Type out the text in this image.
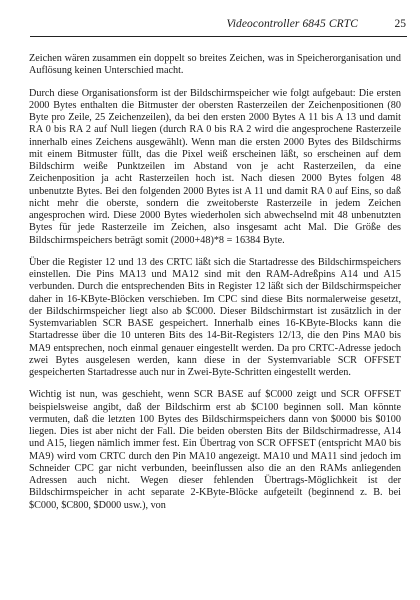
Videocontroller 6845 CRTC	25

Zeichen wären zusammen ein doppelt so breites Zeichen, was in Speicherorganisation und Auflösung keinen Unterschied macht.

Durch diese Organisationsform ist der Bildschirmspeicher wie folgt aufgebaut: Die ersten 2000 Bytes enthalten die Bitmuster der obersten Rasterzeilen der Zeichenpositionen (80 Byte pro Zeile, 25 Zeichenzeilen), da bei den ersten 2000 Bytes A 11 bis A 13 und damit RA 0 bis RA 2 auf Null liegen (durch RA 0 bis RA 2 wird die angesprochene Rasterzeile innerhalb eines Zeichens ausgewählt). Wenn man die ersten 2000 Bytes des Bildschirms mit einem Bitmuster füllt, das die Pixel weiß erscheinen läßt, so erscheinen auf dem Bildschirm weiße Punktzeilen im Abstand von je acht Rasterzeilen, da eine Zeichenposition ja acht Rasterzeilen hoch ist. Nach diesen 2000 Bytes folgen 48 unbenutzte Bytes. Bei den folgenden 2000 Bytes ist A 11 und damit RA 0 auf Eins, so daß nicht mehr die oberste, sondern die zweitoberste Rasterzeile in jedem Zeichen angesprochen wird. Diese 2000 Bytes wiederholen sich abwechselnd mit 48 unbenutzten Bytes für jede Rasterzeile im Zeichen, also insgesamt acht Mal. Die Größe des Bildschirmspeichers beträgt somit (2000+48)*8 = 16384 Byte.

Über die Register 12 und 13 des CRTC läßt sich die Startadresse des Bildschirmspeichers einstellen. Die Pins MA13 und MA12 sind mit den RAM-Adreßpins A14 und A15 verbunden. Durch die entsprechenden Bits in Register 12 läßt sich der Bildschirmspeicher daher in 16-KByte-Blöcken verschieben. Im CPC sind diese Bits normalerweise gesetzt, der Bildschirmspeicher liegt also ab $C000. Dieser Bildschirmstart ist zusätzlich in der Systemvariablen SCR BASE gespeichert. Innerhalb eines 16-KByte-Blocks kann die Startadresse über die 10 unteren Bits des 14-Bit-Registers 12/13, die den Pins MA0 bis MA9 entsprechen, noch einmal genauer eingestellt werden. Da pro CRTC-Adresse jedoch zwei Bytes ausgelesen werden, kann diese in der Systemvariable SCR OFFSET gespeicherten Startadresse auch nur in Zwei-Byte-Schritten eingestellt werden.

Wichtig ist nun, was geschieht, wenn SCR BASE auf $C000 zeigt und SCR OFFSET beispielsweise angibt, daß der Bildschirm erst ab $C100 beginnen soll. Man könnte vermuten, daß die letzten 100 Bytes des Bildschirmspeichers dann von $0000 bis $0100 liegen. Dies ist aber nicht der Fall. Die beiden obersten Bits der Bildschirmadresse, A14 und A15, liegen nämlich immer fest. Ein Übertrag von SCR OFFSET (entspricht MA0 bis MA9) wird vom CRTC durch den Pin MA10 angezeigt. MA10 und MA11 sind jedoch im Schneider CPC gar nicht verbunden, beeinflussen also die an den RAMs anliegenden Adressen auch nicht. Wegen dieser fehlenden Übertrags-Möglichkeit ist der Bildschirmspeicher in acht separate 2-KByte-Blöcke aufgeteilt (beginnend z. B. bei $C000, $C800, $D000 usw.), von
